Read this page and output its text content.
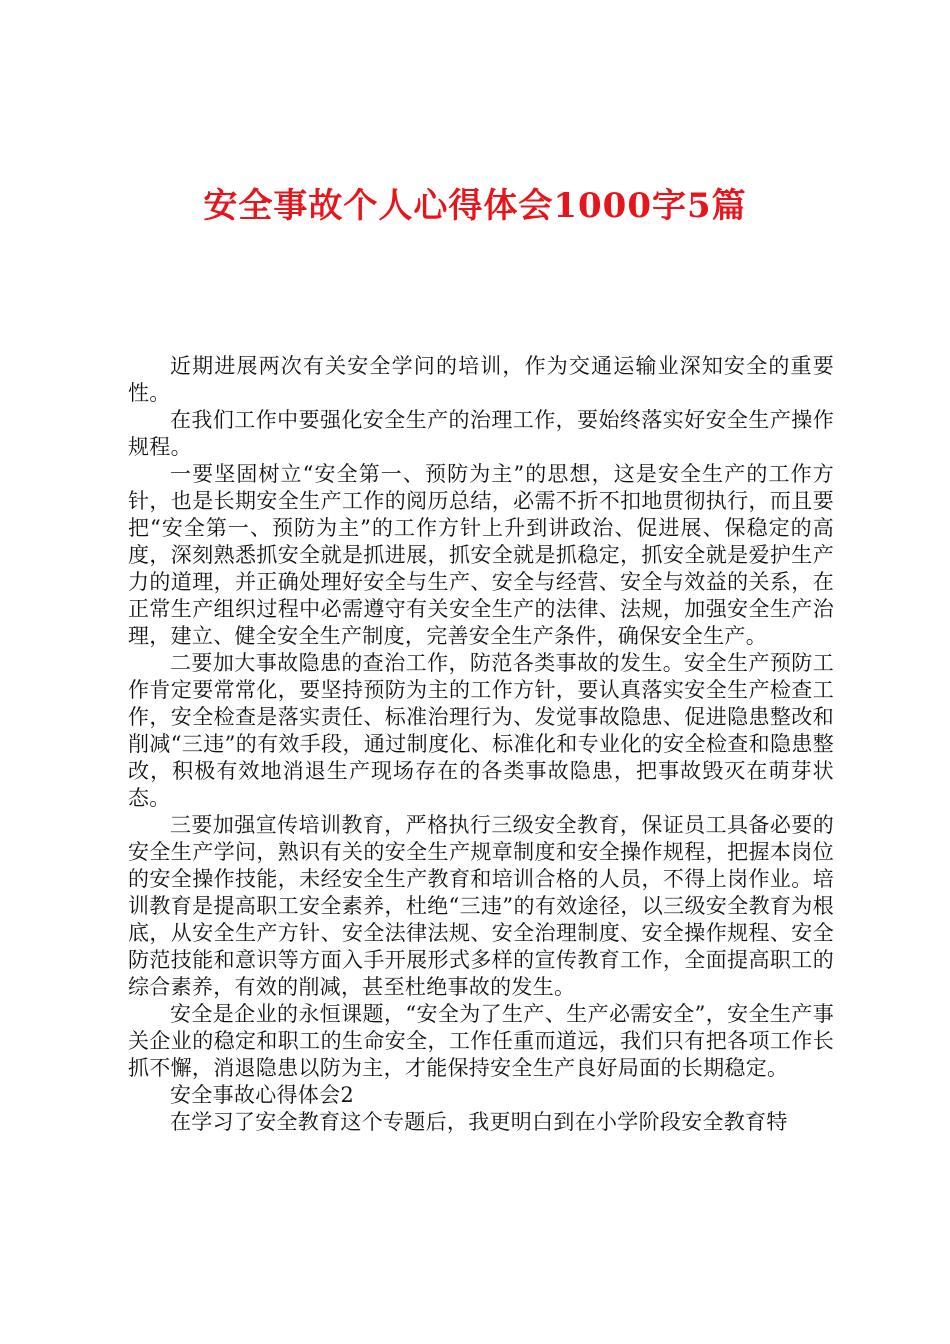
安全事故个人心得体会1000字5篇

近期进展两次有关安全学问的培训，作为交通运输业深知安全的重要性。

在我们工作中要强化安全生产的治理工作，要始终落实好安全生产操作规程。

一要坚固树立“安全第一、预防为主”的思想，这是安全生产的工作方针，也是长期安全生产工作的阅历总结，必需不折不扣地贯彻执行，而且要把“安全第一、预防为主”的工作方针上升到讲政治、促进展、保稳定的高度，深刻熟悉抓安全就是抓进展，抓安全就是抓稳定，抓安全就是爱护生产力的道理，并正确处理好安全与生产、安全与经营、安全与效益的关系，在正常生产组织过程中必需遵守有关安全生产的法律、法规，加强安全生产治理，建立、健全安全生产制度，完善安全生产条件，确保安全生产。

二要加大事故隐患的查治工作，防范各类事故的发生。安全生产预防工作肯定要常常化，要坚持预防为主的工作方针，要认真落实安全生产检查工作，安全检查是落实责任、标准治理行为、发觉事故隐患、促进隐患整改和削减“三违”的有效手段，通过制度化、标准化和专业化的安全检查和隐患整改，积极有效地消退生产现场存在的各类事故隐患，把事故毁灭在萌芽状态。

三要加强宣传培训教育，严格执行三级安全教育，保证员工具备必要的安全生产学问，熟识有关的安全生产规章制度和安全操作规程，把握本岗位的安全操作技能，未经安全生产教育和培训合格的人员，不得上岗作业。培训教育是提高职工安全素养，杜绝“三违”的有效途径，以三级安全教育为根底，从安全生产方针、安全法律法规、安全治理制度、安全操作规程、安全防范技能和意识等方面入手开展形式多样的宣传教育工作，全面提高职工的综合素养，有效的削减，甚至杜绝事故的发生。

安全是企业的永恒课题，“安全为了生产、生产必需安全”，安全生产事关企业的稳定和职工的生命安全，工作任重而道远，我们只有把各项工作长抓不懈，消退隐患以防为主，才能保持安全生产良好局面的长期稳定。

安全事故心得体会2

在学习了安全教育这个专题后，我更明白到在小学阶段安全教育特
